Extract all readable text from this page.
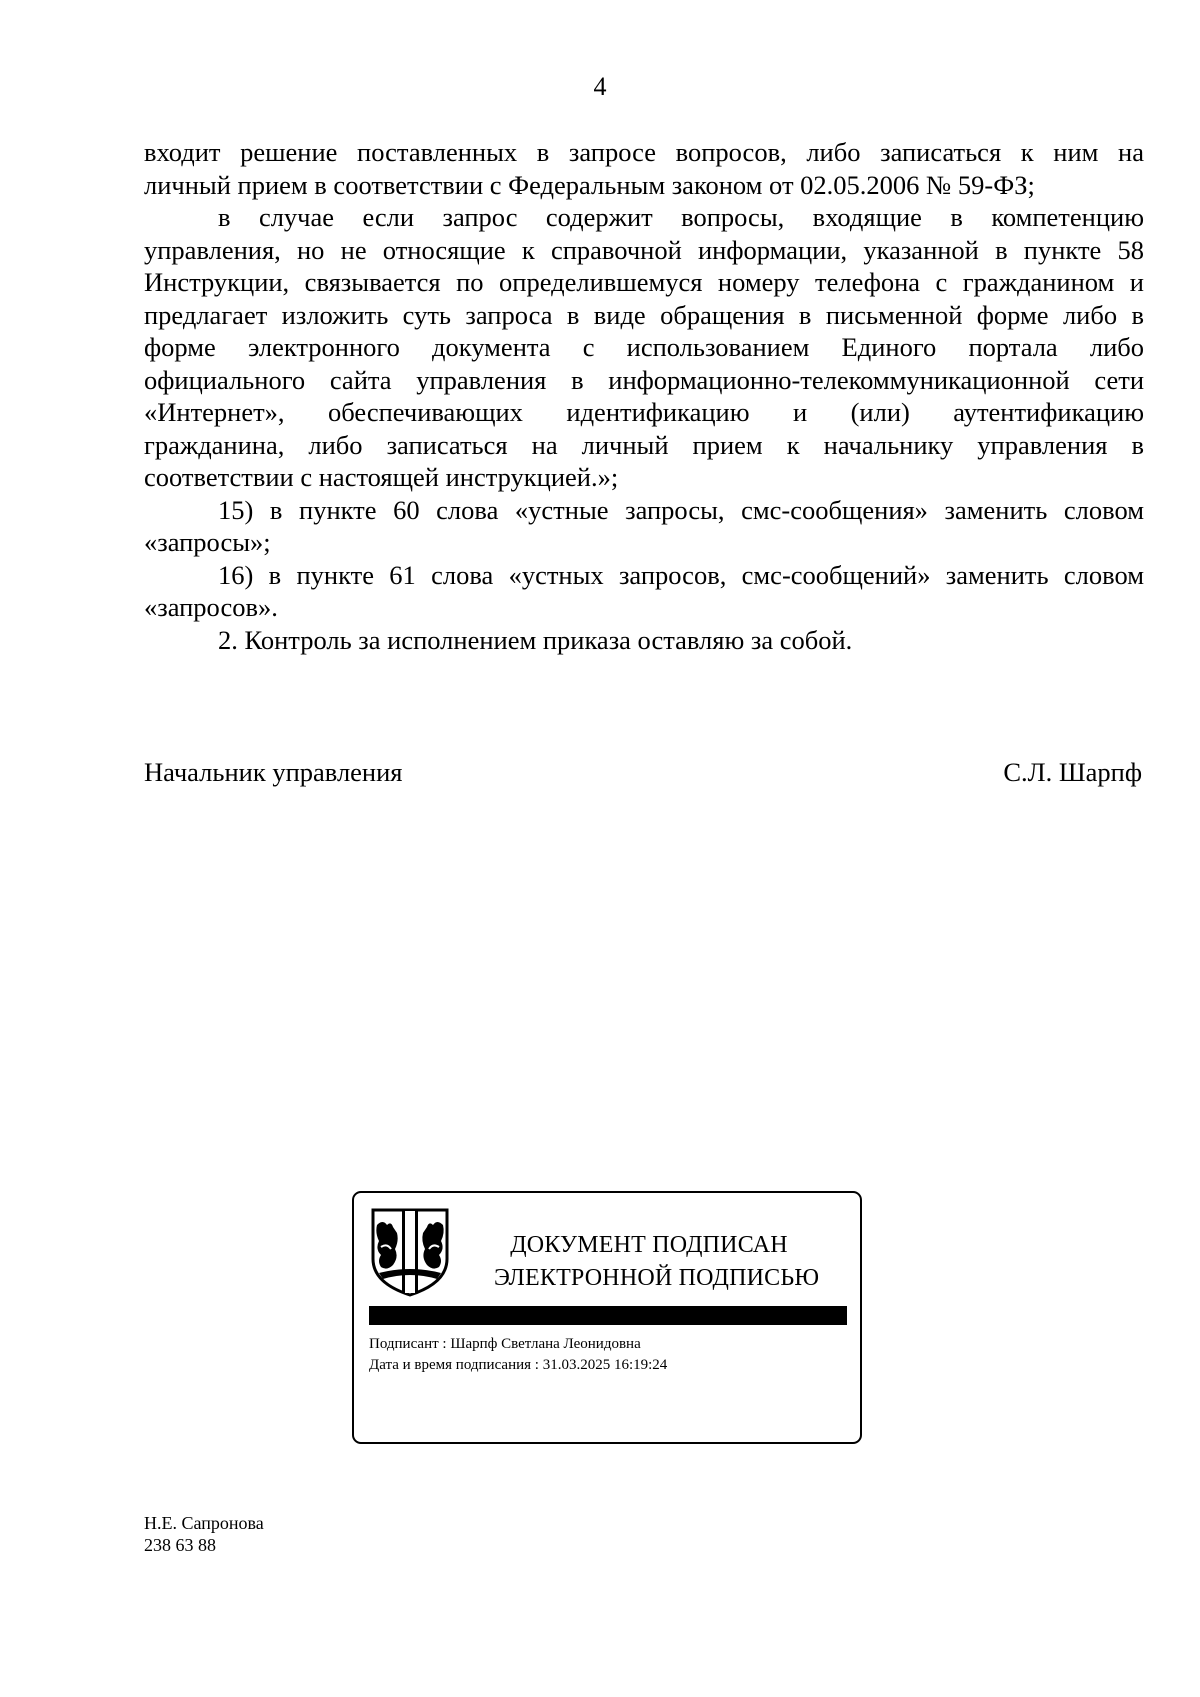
4

входит решение поставленных в запросе вопросов, либо записаться к ним на
личный прием в соответствии с Федеральным законом от 02.05.2006 № 59-ФЗ;

в случае если запрос содержит вопросы, входящие в компетенцию
управления, но не относящие к справочной информации, указанной в пункте 58
Инструкции, связывается по определившемуся номеру телефона с гражданином и
предлагает изложить суть запроса в виде обращения в письменной форме либо в
форме электронного документа с использованием Единого портала либо
официального сайта управления в информационно-телекоммуникационной сети
«Интернет», обеспечивающих идентификацию и (или) аутентификацию
гражданина, либо записаться на личный прием к начальнику управления в
соответствии с настоящей инструкцией.»;

15) в пункте 60 слова «устные запросы, смс-сообщения» заменить словом
«запросы»;

16) в пункте 61 слова «устных запросов, смс-сообщений» заменить словом
«запросов».

2. Контроль за исполнением приказа оставляю за собой.

Начальник управления	С.Л. Шарпф
ДОКУМЕНТ ПОДПИСАН
ЭЛЕКТРОННОЙ ПОДПИСЬЮ
Подписант : Шарпф Светлана Леонидовна
Дата и время подписания : 31.03.2025 16:19:24
Н.Е. Сапронова
238 63 88
